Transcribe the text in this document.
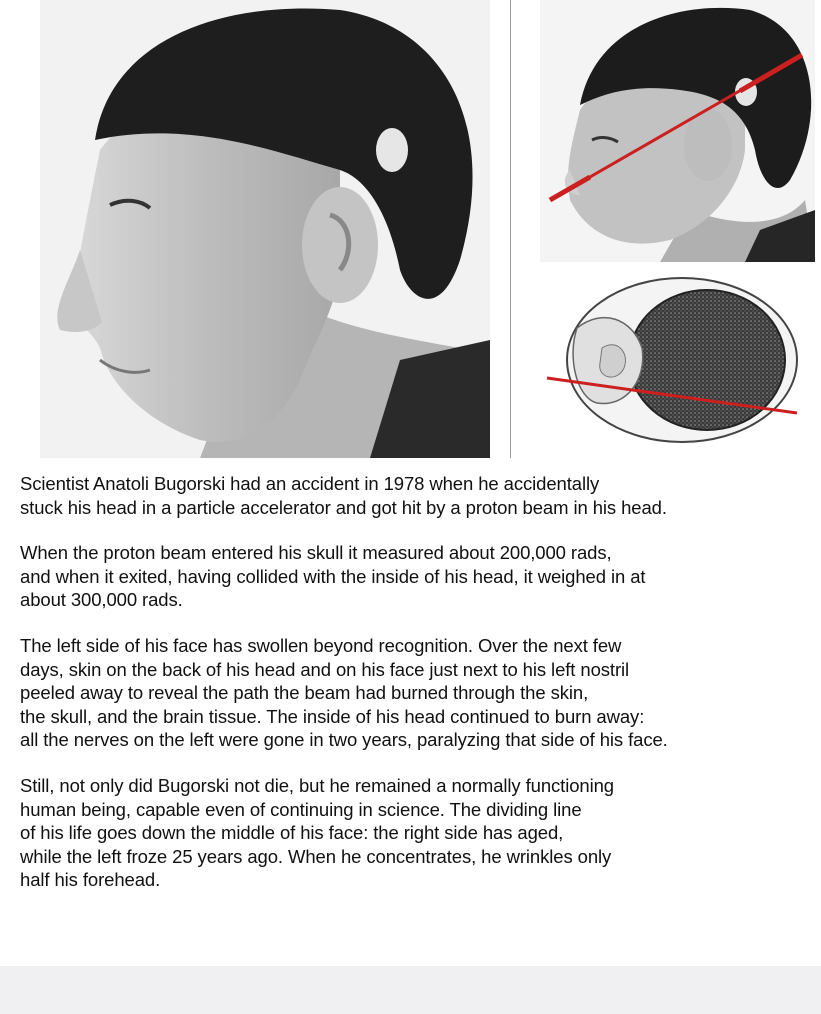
Scientist Anatoli Bugorski had an accident in 1978 when he accidentally
stuck his head in a particle accelerator and got hit by a proton beam in his head.

When the proton beam entered his skull it measured about 200,000 rads,
and when it exited, having collided with the inside of his head, it weighed in at
about 300,000 rads.

The left side of his face has swollen beyond recognition. Over the next few
days, skin on the back of his head and on his face just next to his left nostril
peeled away to reveal the path the beam had burned through the skin,
the skull, and the brain tissue. The inside of his head continued to burn away:
all the nerves on the left were gone in two years, paralyzing that side of his face.

Still, not only did Bugorski not die, but he remained a normally functioning
human being, capable even of continuing in science. The dividing line
of his life goes down the middle of his face: the right side has aged,
while the left froze 25 years ago. When he concentrates, he wrinkles only
half his forehead.
